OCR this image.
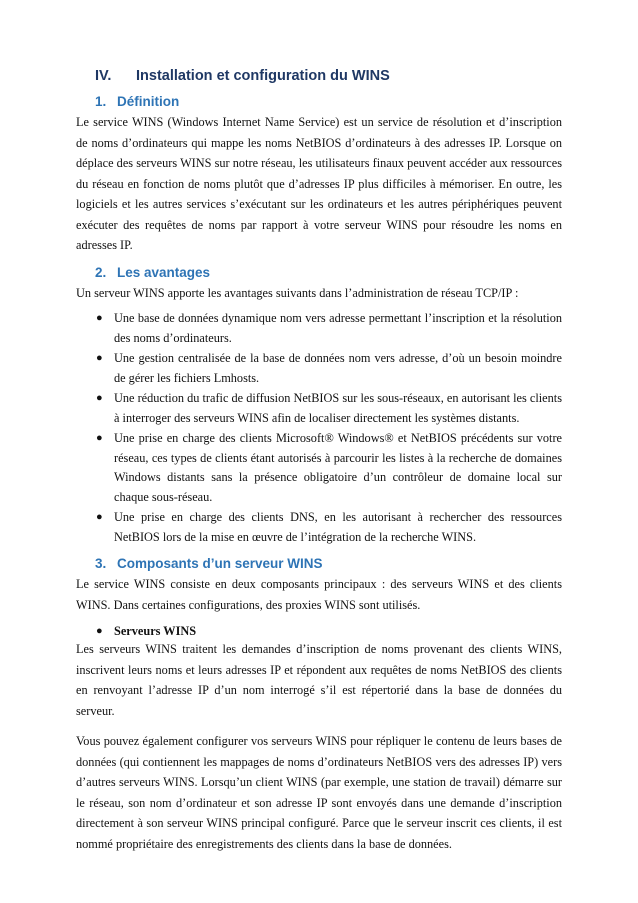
IV.	Installation et configuration du WINS
1. Définition

Le service WINS (Windows Internet Name Service) est un service de résolution et d’inscription de noms d’ordinateurs qui mappe les noms NetBIOS d’ordinateurs à des adresses IP. Lorsque on déplace des serveurs WINS sur notre réseau, les utilisateurs finaux peuvent accéder aux ressources du réseau en fonction de noms plutôt que d’adresses IP plus difficiles à mémoriser. En outre, les logiciels et les autres services s’exécutant sur les ordinateurs et les autres périphériques peuvent exécuter des requêtes de noms par rapport à votre serveur WINS pour résoudre les noms en adresses IP.

2. Les avantages

Un serveur WINS apporte les avantages suivants dans l’administration de réseau TCP/IP :

● Une base de données dynamique nom vers adresse permettant l’inscription et la résolution des noms d’ordinateurs.
● Une gestion centralisée de la base de données nom vers adresse, d’où un besoin moindre de gérer les fichiers Lmhosts.
● Une réduction du trafic de diffusion NetBIOS sur les sous-réseaux, en autorisant les clients à interroger des serveurs WINS afin de localiser directement les systèmes distants.
● Une prise en charge des clients Microsoft® Windows® et NetBIOS précédents sur votre réseau, ces types de clients étant autorisés à parcourir les listes à la recherche de domaines Windows distants sans la présence obligatoire d’un contrôleur de domaine local sur chaque sous-réseau.
● Une prise en charge des clients DNS, en les autorisant à rechercher des ressources NetBIOS lors de la mise en œuvre de l’intégration de la recherche WINS.
3. Composants d’un serveur WINS

Le service WINS consiste en deux composants principaux : des serveurs WINS et des clients WINS. Dans certaines configurations, des proxies WINS sont utilisés.

● Serveurs WINS

Les serveurs WINS traitent les demandes d’inscription de noms provenant des clients WINS, inscrivent leurs noms et leurs adresses IP et répondent aux requêtes de noms NetBIOS des clients en renvoyant l’adresse IP d’un nom interrogé s’il est répertorié dans la base de données du serveur.

Vous pouvez également configurer vos serveurs WINS pour répliquer le contenu de leurs bases de données (qui contiennent les mappages de noms d’ordinateurs NetBIOS vers des adresses IP) vers d’autres serveurs WINS. Lorsqu’un client WINS (par exemple, une station de travail) démarre sur le réseau, son nom d’ordinateur et son adresse IP sont envoyés dans une demande d’inscription directement à son serveur WINS principal configuré. Parce que le serveur inscrit ces clients, il est nommé propriétaire des enregistrements des clients dans la base de données.
